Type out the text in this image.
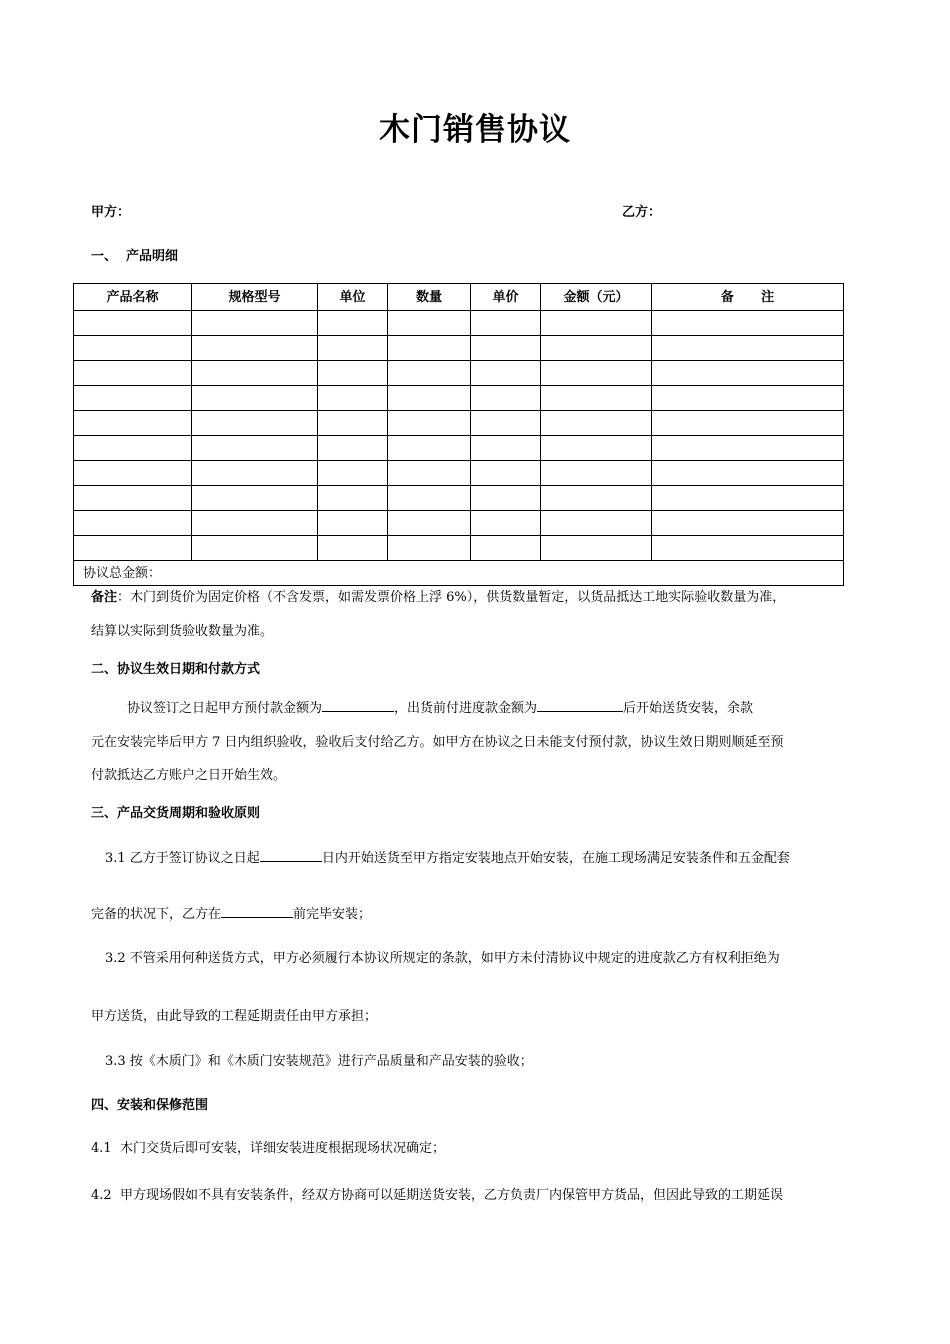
木门销售协议
甲方：	乙方：
一、  产品明细
产品名称	规格型号	单位	数量	单价	金额（元）	备      注

协议总金额：						
备注：木门到货价为固定价格（不含发票，如需发票价格上浮 6%），供货数量暂定，以货品抵达工地实际验收数量为准，
结算以实际到货验收数量为准。
二、协议生效日期和付款方式
协议签订之日起甲方预付款金额为	，出货前付进度款金额为	后开始送货安装，余款
元在安装完毕后甲方 7 日内组织验收，验收后支付给乙方。如甲方在协议之日未能支付预付款，协议生效日期则顺延至预
付款抵达乙方账户之日开始生效。
三、产品交货周期和验收原则
3.1 乙方于签订协议之日起	日内开始送货至甲方指定安装地点开始安装，在施工现场满足安装条件和五金配套
完备的状况下，乙方在	前完毕安装；
3.2 不管采用何种送货方式，甲方必须履行本协议所规定的条款，如甲方未付清协议中规定的进度款乙方有权利拒绝为
甲方送货，由此导致的工程延期责任由甲方承担；
3.3 按《木质门》和《木质门安装规范》进行产品质量和产品安装的验收；
四、安装和保修范围
4.1  木门交货后即可安装，详细安装进度根据现场状况确定；
4.2  甲方现场假如不具有安装条件，经双方协商可以延期送货安装，乙方负责厂内保管甲方货品，但因此导致的工期延误
